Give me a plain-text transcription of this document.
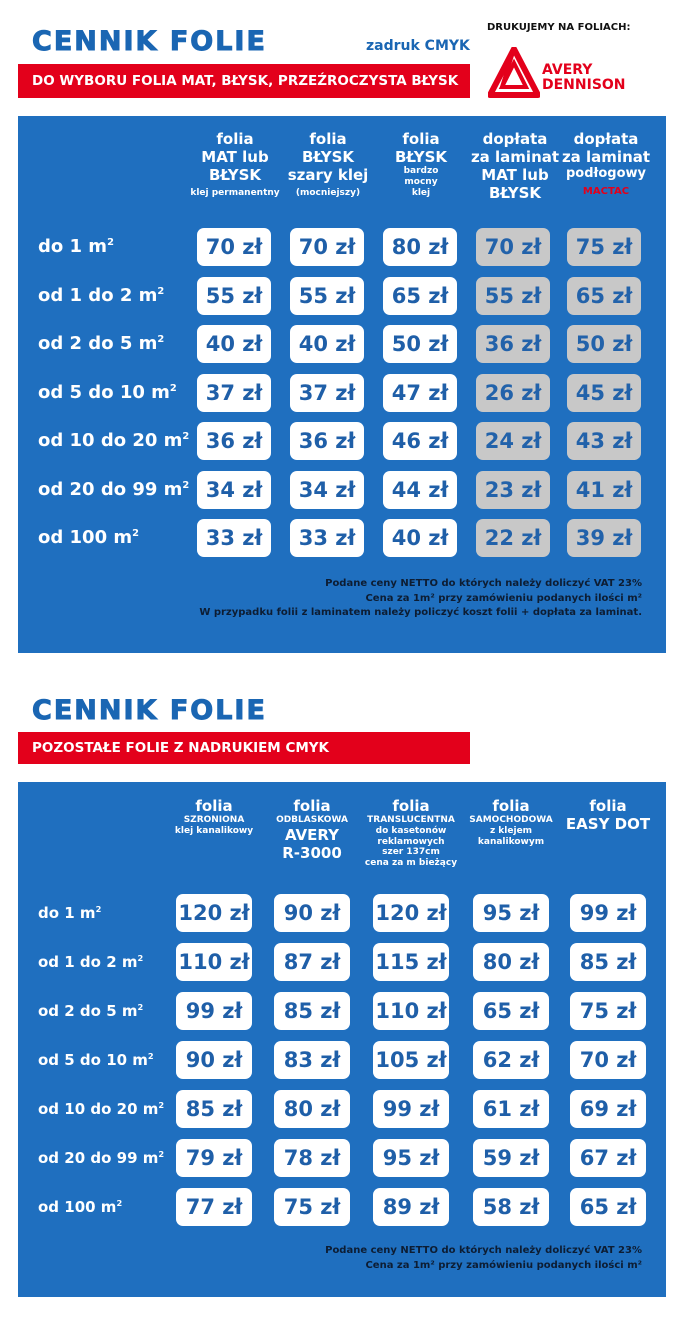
CENNIK FOLIE	zadruk CMYK
DRUKUJEMY NA FOLIACH:
AVERY
DENNISON
DO WYBORU FOLIA MAT, BŁYSK, PRZEŹROCZYSTA BŁYSK
folia
MAT lub
BŁYSK
klej permanentny
folia
BŁYSK
szary klej
(mocniejszy)
folia
BŁYSK
bardzo
mocny
klej
dopłata
za laminat
MAT lub
BŁYSK
dopłata
za laminat
podłogowy
MACTAC
do 1 $m^2$	70 zł	70 zł	80 zł	70 zł	75 zł
od 1 do 2 $m^2$	55 zł	55 zł	65 zł	55 zł	65 zł
od 2 do 5 $m^2$	40 zł	40 zł	50 zł	36 zł	50 zł
od 5 do 10 $m^2$	37 zł	37 zł	47 zł	26 zł	45 zł
od 10 do 20 $m^2$ 36 zł	36 zł	46 zł	24 zł	43 zł
od 20 do 99 $m^2$ 34 zł	34 zł	44 zł	23 zł	41 zł
od 100 $m^2$	33 zł	33 zł	40 zł	22 zł	39 zł
Podane ceny NETTO do których należy doliczyć VAT 23%
Cena za 1m² przy zamówieniu podanych ilości m²
W przypadku folii z laminatem należy policzyć koszt folii + dopłata za laminat.
CENNIK FOLIE
POZOSTAŁE FOLIE Z NADRUKIEM CMYK
folia
SZRONIONA
klej kanalikowy
folia
ODBLASKOWA
AVERY
R-3000
folia
TRANSLUCENTNA
do kasetonów
reklamowych
szer 137cm
cena za m bieżący
folia
SAMOCHODOWA
z klejem
kanalikowym
folia
EASY DOT
do 1 $m^2$	120 zł	90 zł	120 zł	95 zł	99 zł
od 1 do 2 $m^2$ 110 zł	87 zł	115 zł	80 zł	85 zł
od 2 do 5 $m^2$	99 zł	85 zł	110 zł	65 zł	75 zł
od 5 do 10 $m^2$	90 zł	83 zł	105 zł	62 zł	70 zł
od 10 do 20 $m^2$	85 zł	80 zł	99 zł	61 zł	69 zł
od 20 do 99 $m^2$	79 zł	78 zł	95 zł	59 zł	67 zł
od 100 $m^2$	77 zł	75 zł	89 zł	58 zł	65 zł
Podane ceny NETTO do których należy doliczyć VAT 23%
Cena za 1m² przy zamówieniu podanych ilości m²
